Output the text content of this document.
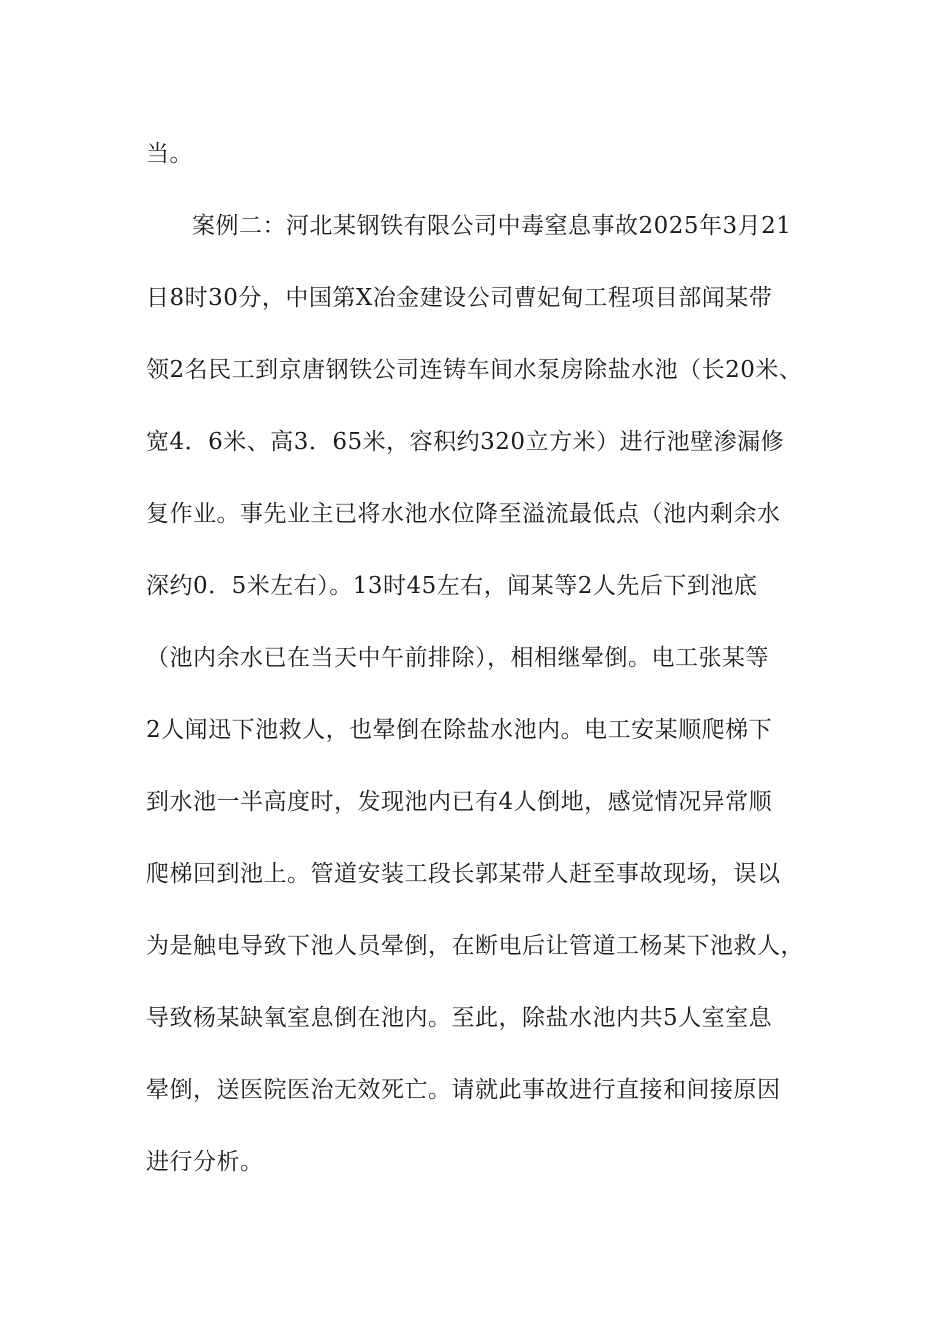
当。
案例二：河北某钢铁有限公司中毒窒息事故2025年3月21
日8时30分，中国第X冶金建设公司曹妃甸工程项目部闻某带
领2名民工到京唐钢铁公司连铸车间水泵房除盐水池（长20米、
宽4．6米、高3．65米，容积约320立方米）进行池壁渗漏修
复作业。事先业主已将水池水位降至溢流最低点（池内剩余水
深约0．5米左右）。13时45左右，闻某等2人先后下到池底
（池内余水已在当天中午前排除），相相继晕倒。电工张某等
2人闻迅下池救人，也晕倒在除盐水池内。电工安某顺爬梯下
到水池一半高度时，发现池内已有4人倒地，感觉情况异常顺
爬梯回到池上。管道安装工段长郭某带人赶至事故现场，误以
为是触电导致下池人员晕倒，在断电后让管道工杨某下池救人，
导致杨某缺氧室息倒在池内。至此，除盐水池内共5人室室息
晕倒，送医院医治无效死亡。请就此事故进行直接和间接原因
进行分析。
